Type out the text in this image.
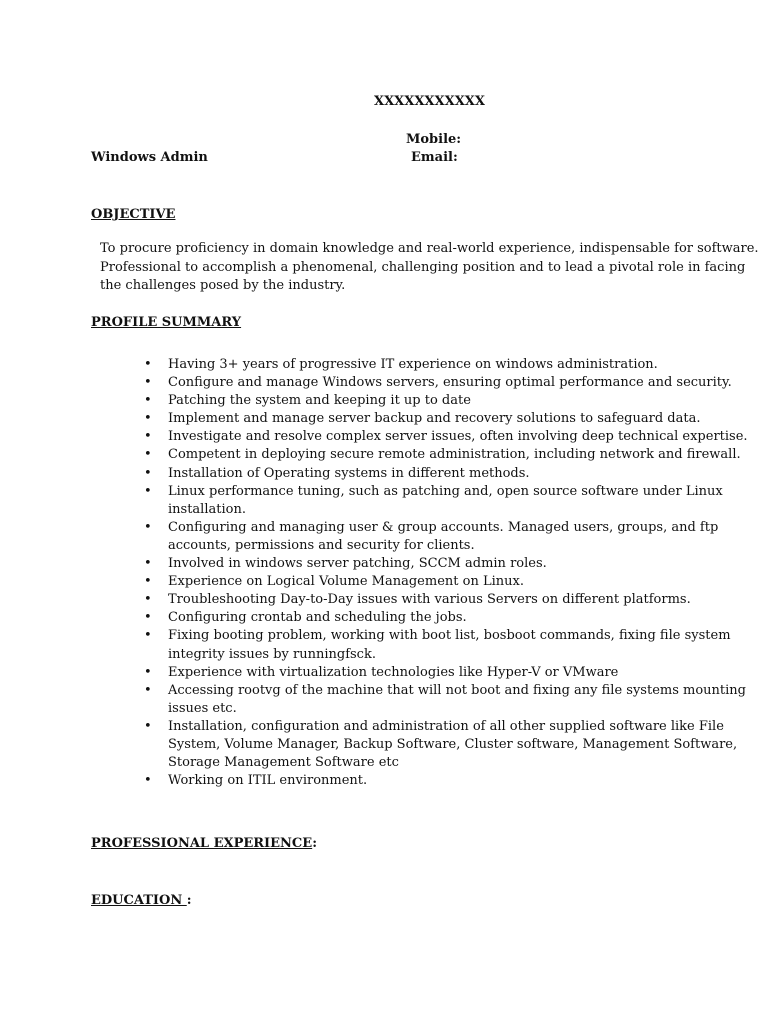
XXXXXXXXXXX
Mobile:
Email:
Windows Admin
OBJECTIVE
To procure proficiency in domain knowledge and real-world experience, indispensable for software. Professional to accomplish a phenomenal, challenging position and to lead a pivotal role in facing the challenges posed by the industry.
PROFILE SUMMARY
• Having 3+ years of progressive IT experience on windows administration.
• Configure and manage Windows servers, ensuring optimal performance and security.
• Patching the system and keeping it up to date
• Implement and manage server backup and recovery solutions to safeguard data.
• Investigate and resolve complex server issues, often involving deep technical expertise.
• Competent in deploying secure remote administration, including network and firewall.
• Installation of Operating systems in different methods.
• Linux performance tuning, such as patching and, open source software under Linux installation.
• Configuring and managing user & group accounts. Managed users, groups, and ftp accounts, permissions and security for clients.
• Involved in windows server patching, SCCM admin roles.
• Experience on Logical Volume Management on Linux.
• Troubleshooting Day-to-Day issues with various Servers on different platforms.
• Configuring crontab and scheduling the jobs.
• Fixing booting problem, working with boot list, bosboot commands, fixing file system integrity issues by runningfsck.
• Experience with virtualization technologies like Hyper-V or VMware
• Accessing rootvg of the machine that will not boot and fixing any file systems mounting issues etc.
• Installation, configuration and administration of all other supplied software like File System, Volume Manager, Backup Software, Cluster software, Management Software, Storage Management Software etc
• Working on ITIL environment.
PROFESSIONAL EXPERIENCE:
EDUCATION :
